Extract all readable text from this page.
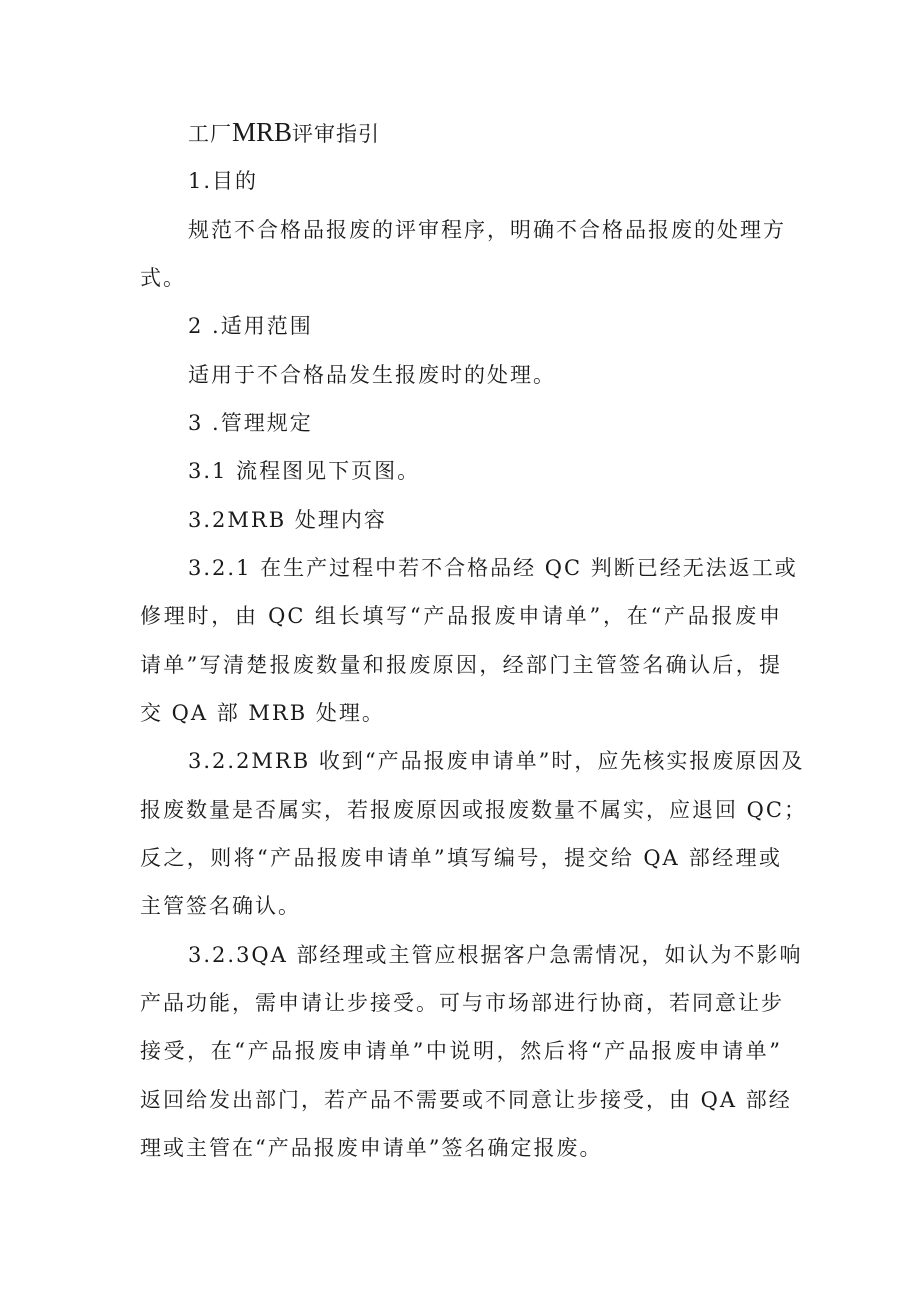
工厂MRB评审指引
1.目的
规范不合格品报废的评审程序，明确不合格品报废的处理方
式。
2 .适用范围
适用于不合格品发生报废时的处理。
3 .管理规定
3.1 流程图见下页图。
3.2MRB 处理内容
3.2.1 在生产过程中若不合格品经 QC 判断已经无法返工或
修理时，由 QC 组长填写“产品报废申请单”，在“产品报废申
请单”写清楚报废数量和报废原因，经部门主管签名确认后，提
交 QA 部 MRB 处理。
3.2.2MRB 收到“产品报废申请单”时，应先核实报废原因及
报废数量是否属实，若报废原因或报废数量不属实，应退回 QC；
反之，则将“产品报废申请单”填写编号，提交给 QA 部经理或
主管签名确认。
3.2.3QA 部经理或主管应根据客户急需情况，如认为不影响
产品功能，需申请让步接受。可与市场部进行协商，若同意让步
接受，在“产品报废申请单”中说明，然后将“产品报废申请单”
返回给发出部门，若产品不需要或不同意让步接受，由 QA 部经
理或主管在“产品报废申请单”签名确定报废。
